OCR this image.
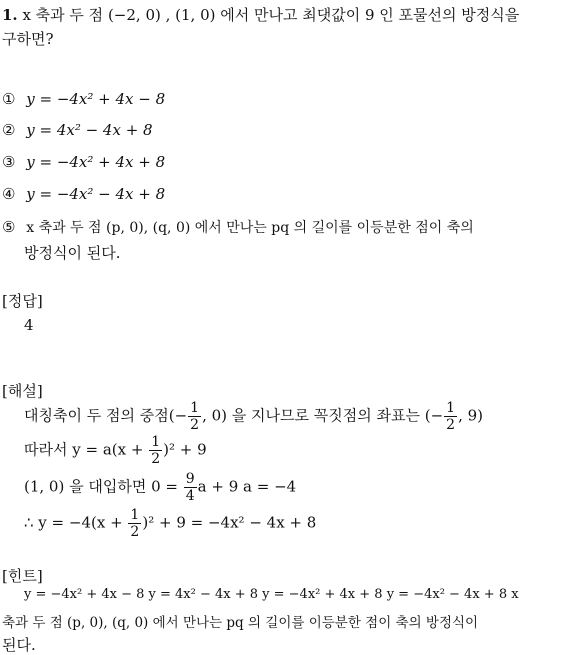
1. x 축과 두 점 (−2, 0) , (1, 0) 에서 만나고 최댓값이 9 인 포물선의 방정식을
구하면?
① y = −4x² + 4x − 8
② y = 4x² − 4x + 8
③ y = −4x² + 4x + 8
④ y = −4x² − 4x + 8
⑤ x 축과 두 점 (p, 0), (q, 0) 에서 만나는 pq 의 길이를 이등분한 점이 축의
방정식이 된다.
[정답]
4
[해설]
대칭축이 두 점의 중점(− $\frac{1}{2}$ , 0) 을 지나므로 꼭짓점의 좌표는 (− $\frac{1}{2}$ , 9)
따라서 $y = a(x + \frac{1}{2} )^2 + 9$
(1, 0) 을 대입하면 $0 = \frac{9}{4}$ a + 9 a = −4
∴ $y = -4(x + \frac{1}{2} )^2 + 9 = -4x^2 - 4x + 8$
[힌트]
y = −4x² + 4x − 8 y = 4x² − 4x + 8 y = −4x² + 4x + 8 y = −4x² − 4x + 8 x
축과 두 점 (p, 0), (q, 0) 에서 만나는 pq 의 길이를 이등분한 점이 축의 방정식이
된다.
